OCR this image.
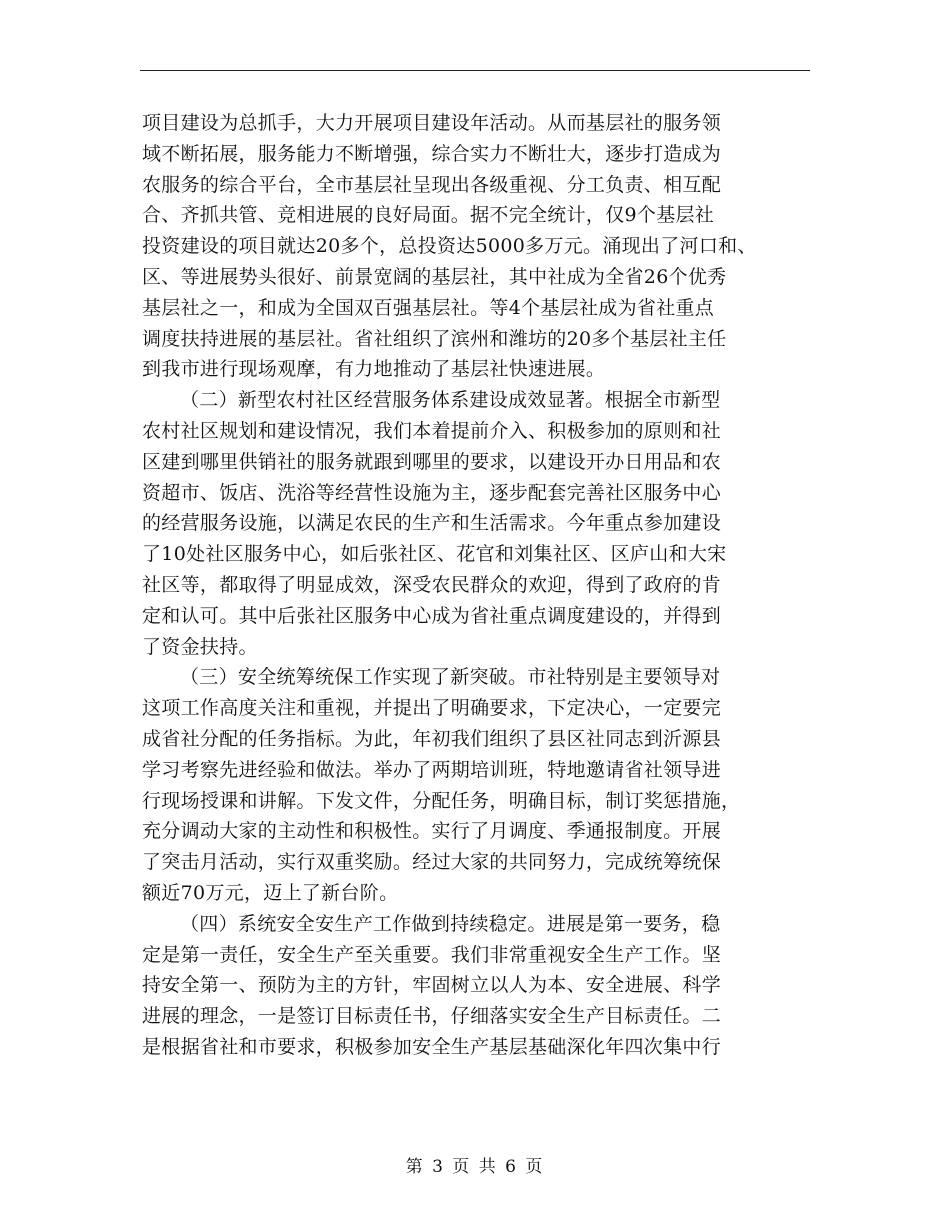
项目建设为总抓手，大力开展项目建设年活动。从而基层社的服务领
域不断拓展，服务能力不断增强，综合实力不断壮大，逐步打造成为
农服务的综合平台，全市基层社呈现出各级重视、分工负责、相互配
合、齐抓共管、竞相进展的良好局面。据不完全统计，仅9个基层社
投资建设的项目就达20多个，总投资达5000多万元。涌现出了河口和、
区、等进展势头很好、前景宽阔的基层社，其中社成为全省26个优秀
基层社之一，和成为全国双百强基层社。等4个基层社成为省社重点
调度扶持进展的基层社。省社组织了滨州和潍坊的20多个基层社主任
到我市进行现场观摩，有力地推动了基层社快速进展。
（二）新型农村社区经营服务体系建设成效显著。根据全市新型
农村社区规划和建设情况，我们本着提前介入、积极参加的原则和社
区建到哪里供销社的服务就跟到哪里的要求，以建设开办日用品和农
资超市、饭店、洗浴等经营性设施为主，逐步配套完善社区服务中心
的经营服务设施，以满足农民的生产和生活需求。今年重点参加建设
了10处社区服务中心，如后张社区、花官和刘集社区、区庐山和大宋
社区等，都取得了明显成效，深受农民群众的欢迎，得到了政府的肯
定和认可。其中后张社区服务中心成为省社重点调度建设的，并得到
了资金扶持。
（三）安全统筹统保工作实现了新突破。市社特别是主要领导对
这项工作高度关注和重视，并提出了明确要求，下定决心，一定要完
成省社分配的任务指标。为此，年初我们组织了县区社同志到沂源县
学习考察先进经验和做法。举办了两期培训班，特地邀请省社领导进
行现场授课和讲解。下发文件，分配任务，明确目标，制订奖惩措施，
充分调动大家的主动性和积极性。实行了月调度、季通报制度。开展
了突击月活动，实行双重奖励。经过大家的共同努力，完成统筹统保
额近70万元，迈上了新台阶。
（四）系统安全安生产工作做到持续稳定。进展是第一要务，稳
定是第一责任，安全生产至关重要。我们非常重视安全生产工作。坚
持安全第一、预防为主的方针，牢固树立以人为本、安全进展、科学
进展的理念，一是签订目标责任书，仔细落实安全生产目标责任。二
是根据省社和市要求，积极参加安全生产基层基础深化年四次集中行
第 3 页 共 6 页
